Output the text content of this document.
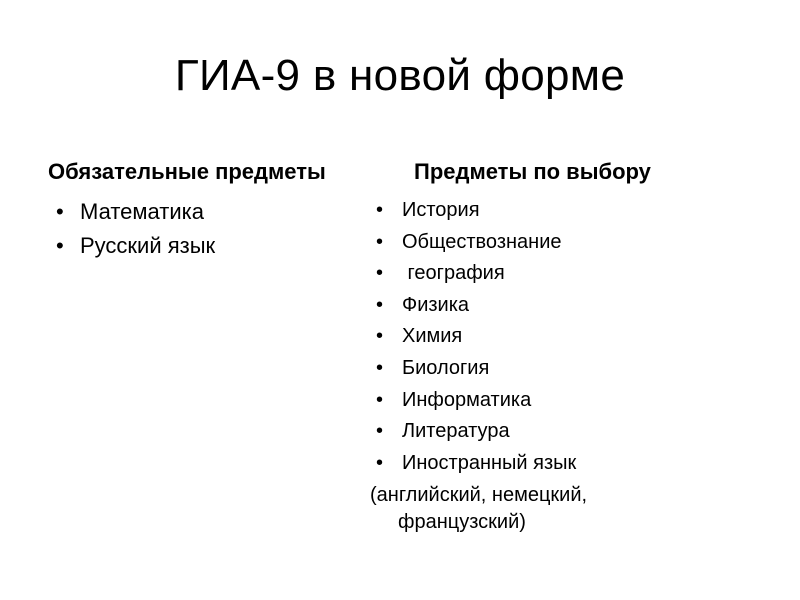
ГИА-9 в новой форме
Обязательные предметы
• Математика
• Русский язык
Предметы по выбору
• История
• Обществознание
• география
• Физика
• Химия
• Биология
• Информатика
• Литература
• Иностранный язык
(английский, немецкий, французский)
